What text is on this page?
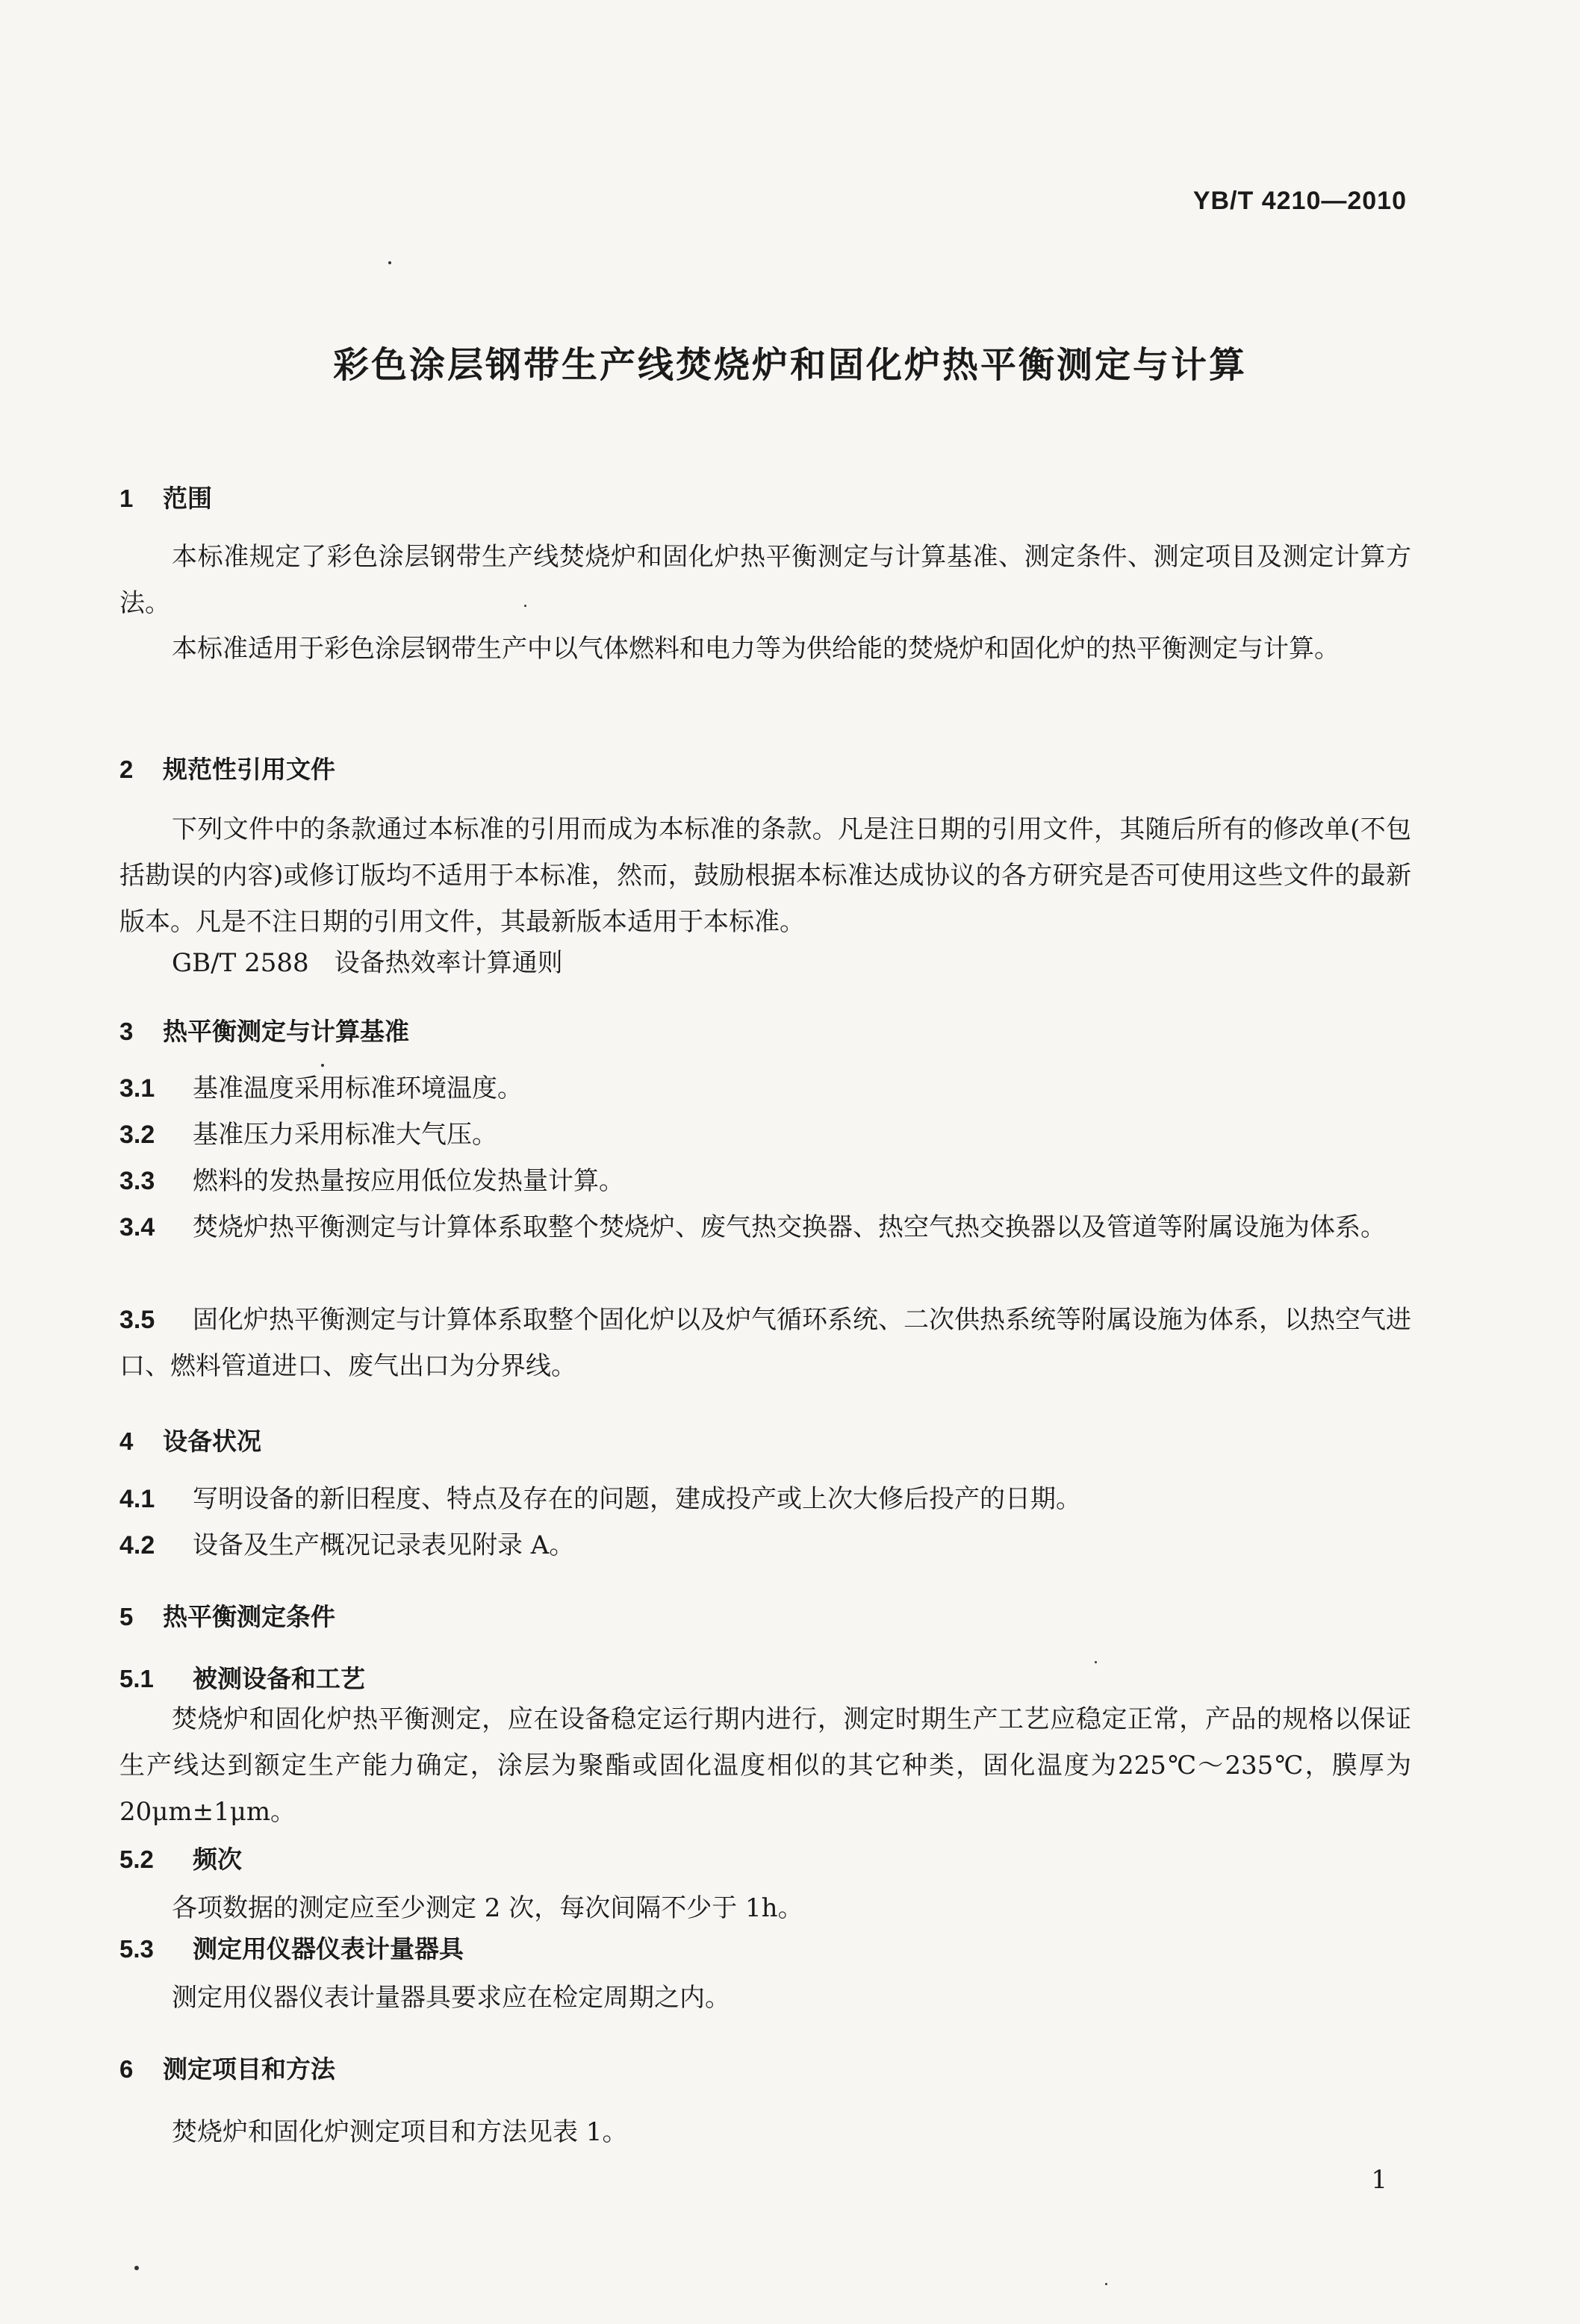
YB/T 4210—2010
彩色涂层钢带生产线焚烧炉和固化炉热平衡测定与计算
1 范围

本标准规定了彩色涂层钢带生产线焚烧炉和固化炉热平衡测定与计算基准、测定条件、测定项目及测定计算方法。

本标准适用于彩色涂层钢带生产中以气体燃料和电力等为供给能的焚烧炉和固化炉的热平衡测定与计算。

2 规范性引用文件

下列文件中的条款通过本标准的引用而成为本标准的条款。凡是注日期的引用文件，其随后所有的修改单(不包括勘误的内容)或修订版均不适用于本标准，然而，鼓励根据本标准达成协议的各方研究是否可使用这些文件的最新版本。凡是不注日期的引用文件，其最新版本适用于本标准。

GB/T 2588　设备热效率计算通则
3 热平衡测定与计算基准

3.1 基准温度采用标准环境温度。

3.2 基准压力采用标准大气压。

3.3 燃料的发热量按应用低位发热量计算。

3.4 焚烧炉热平衡测定与计算体系取整个焚烧炉、废气热交换器、热空气热交换器以及管道等附属设施为体系。

3.5 固化炉热平衡测定与计算体系取整个固化炉以及炉气循环系统、二次供热系统等附属设施为体系，以热空气进口、燃料管道进口、废气出口为分界线。

4 设备状况

4.1 写明设备的新旧程度、特点及存在的问题，建成投产或上次大修后投产的日期。

4.2 设备及生产概况记录表见附录 A。

5 热平衡测定条件
5.1 被测设备和工艺

焚烧炉和固化炉热平衡测定，应在设备稳定运行期内进行，测定时期生产工艺应稳定正常，产品的规格以保证生产线达到额定生产能力确定，涂层为聚酯或固化温度相似的其它种类，固化温度为225℃～235℃，膜厚为 20μm±1μm。

5.2 频次
各项数据的测定应至少测定 2 次，每次间隔不少于 1h。
5.3 测定用仪器仪表计量器具
测定用仪器仪表计量器具要求应在检定周期之内。
6 测定项目和方法
焚烧炉和固化炉测定项目和方法见表 1。
1
